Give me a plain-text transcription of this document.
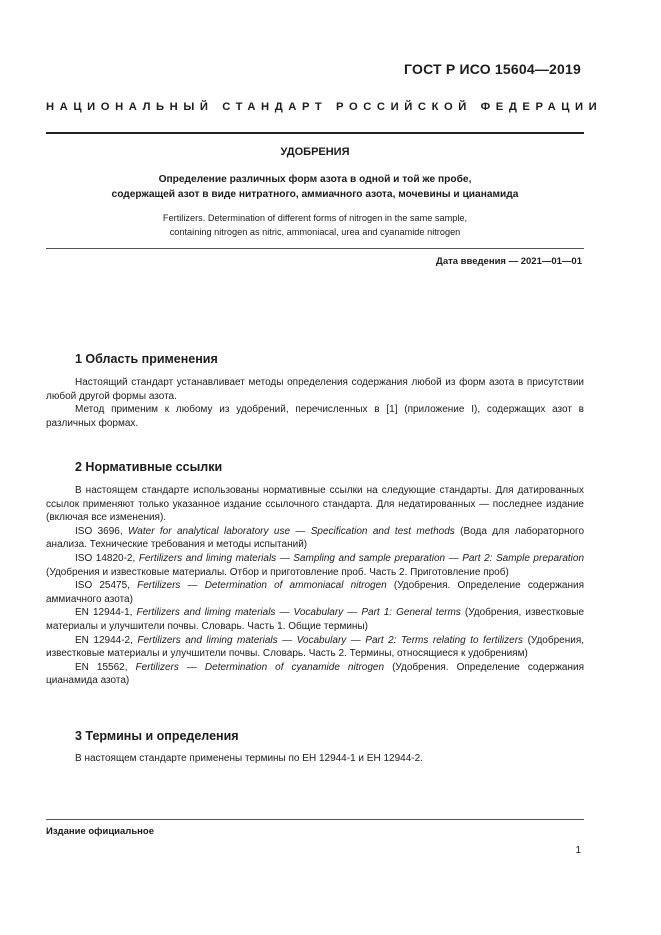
ГОСТ Р ИСО 15604—2019
НАЦИОНАЛЬНЫЙ СТАНДАРТ РОССИЙСКОЙ ФЕДЕРАЦИИ
УДОБРЕНИЯ
Определение различных форм азота в одной и той же пробе,
содержащей азот в виде нитратного, аммиачного азота, мочевины и цианамида
Fertilizers. Determination of different forms of nitrogen in the same sample,
containing nitrogen as nitric, ammoniacal, urea and cyanamide nitrogen
Дата введения — 2021—01—01
1 Область применения

Настоящий стандарт устанавливает методы определения содержания любой из форм азота в присутствии любой другой формы азота.

Метод применим к любому из удобрений, перечисленных в [1] (приложение I), содержащих азот в различных формах.

2 Нормативные ссылки

В настоящем стандарте использованы нормативные ссылки на следующие стандарты. Для датированных ссылок применяют только указанное издание ссылочного стандарта. Для недатированных — последнее издание (включая все изменения).

ISO 3696, Water for analytical laboratory use — Specification and test methods (Вода для лабораторного анализа. Технические требования и методы испытаний)

ISO 14820-2, Fertilizers and liming materials — Sampling and sample preparation — Part 2: Sample preparation (Удобрения и известковые материалы. Отбор и приготовление проб. Часть 2. Приготовление проб)

ISO 25475, Fertilizers — Determination of ammoniacal nitrogen (Удобрения. Определение содержания аммиачного азота)

EN 12944-1, Fertilizers and liming materials — Vocabulary — Part 1: General terms (Удобрения, известковые материалы и улучшители почвы. Словарь. Часть 1. Общие термины)

EN 12944-2, Fertilizers and liming materials — Vocabulary — Part 2: Terms relating to fertilizers (Удобрения, известковые материалы и улучшители почвы. Словарь. Часть 2. Термины, относящиеся к удобрениям)

EN 15562, Fertilizers — Determination of cyanamide nitrogen (Удобрения. Определение содержания цианамида азота)

3 Термины и определения

В настоящем стандарте применены термины по ЕН 12944-1 и ЕН 12944-2.

Издание официальное
1
